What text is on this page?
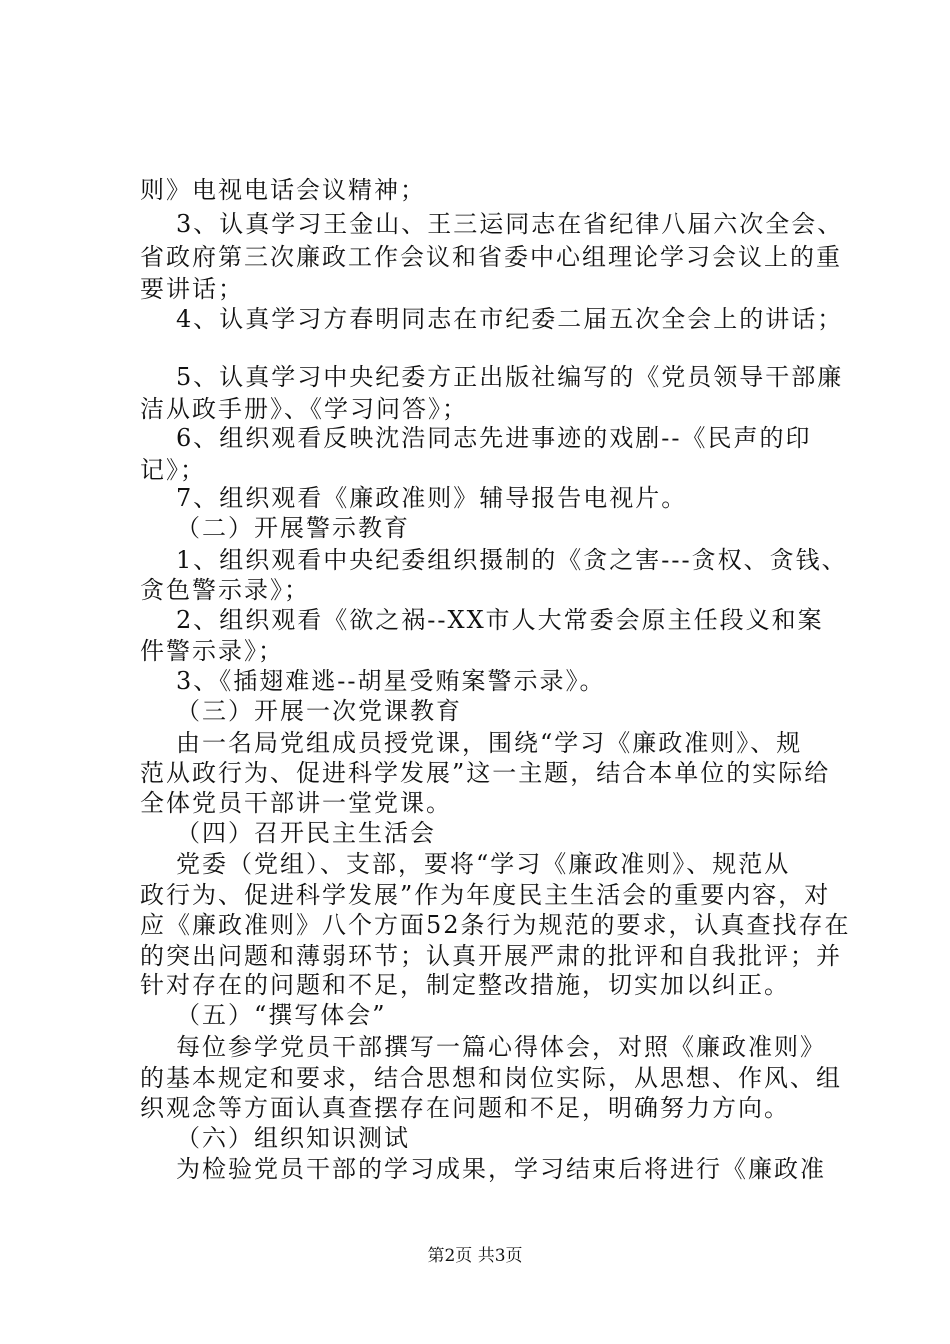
则》电视电话会议精神；
3、认真学习王金山、王三运同志在省纪律八届六次全会、
省政府第三次廉政工作会议和省委中心组理论学习会议上的重
要讲话；
4、认真学习方春明同志在市纪委二届五次全会上的讲话；
5、认真学习中央纪委方正出版社编写的《党员领导干部廉
洁从政手册》、《学习问答》；
6、组织观看反映沈浩同志先进事迹的戏剧--《民声的印
记》；
7、组织观看《廉政准则》辅导报告电视片。
（二）开展警示教育
1、组织观看中央纪委组织摄制的《贪之害---贪权、贪钱、
贪色警示录》；
2、组织观看《欲之祸--XX市人大常委会原主任段义和案
件警示录》；
3、《插翅难逃--胡星受贿案警示录》。
（三）开展一次党课教育
由一名局党组成员授党课，围绕“学习《廉政准则》、规
范从政行为、促进科学发展”这一主题，结合本单位的实际给
全体党员干部讲一堂党课。
（四）召开民主生活会
党委（党组）、支部，要将“学习《廉政准则》、规范从
政行为、促进科学发展”作为年度民主生活会的重要内容，对
应《廉政准则》八个方面52条行为规范的要求，认真查找存在
的突出问题和薄弱环节；认真开展严肃的批评和自我批评；并
针对存在的问题和不足，制定整改措施，切实加以纠正。
（五）“撰写体会”
每位参学党员干部撰写一篇心得体会，对照《廉政准则》
的基本规定和要求，结合思想和岗位实际，从思想、作风、组
织观念等方面认真查摆存在问题和不足，明确努力方向。
（六）组织知识测试
为检验党员干部的学习成果，学习结束后将进行《廉政准
第2页 共3页
